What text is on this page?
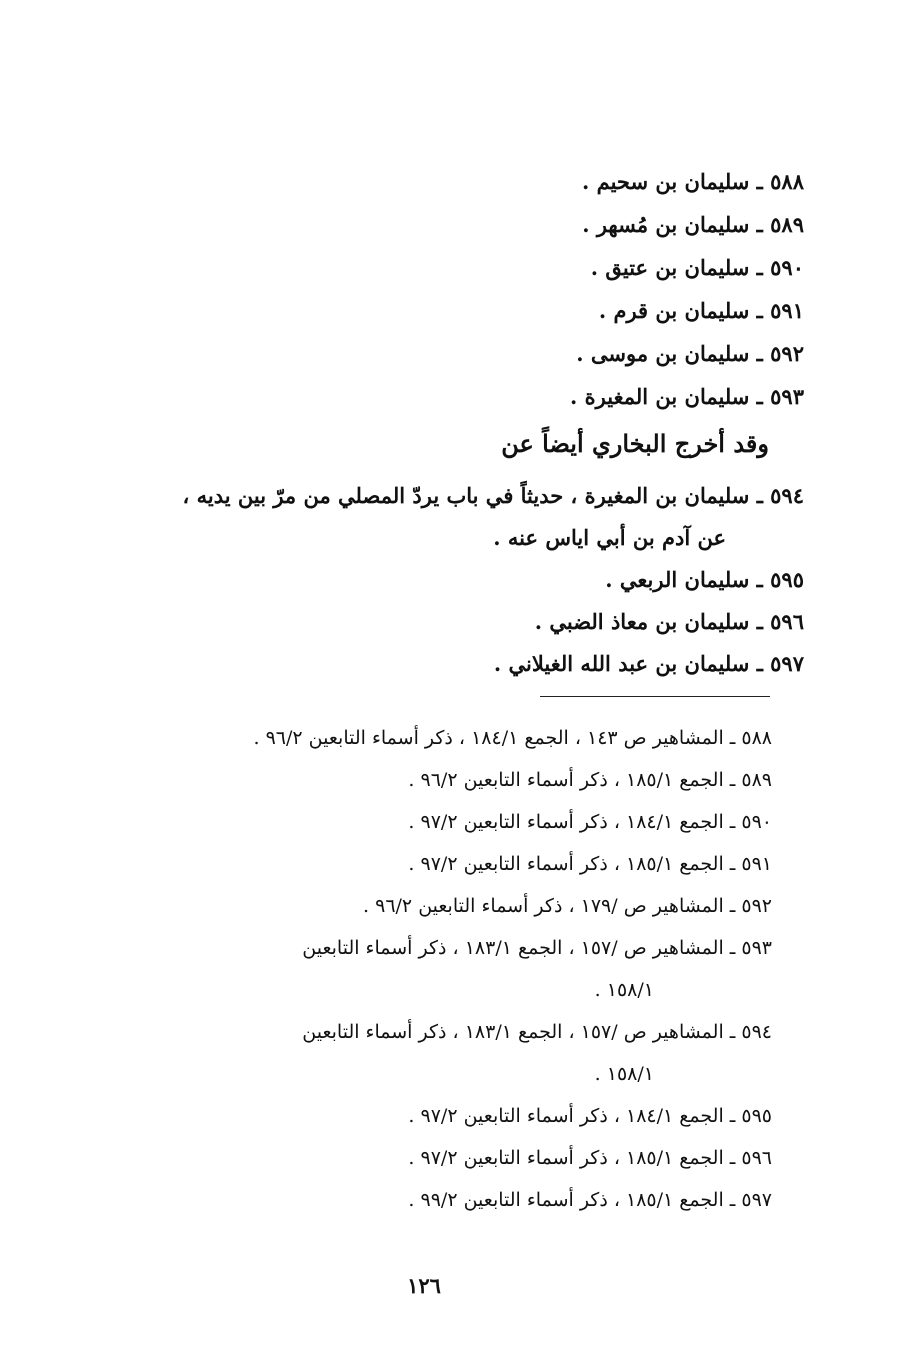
٥٨٨ ـ سليمان بن سحيم .
٥٨٩ ـ سليمان بن مُسهر .
٥٩٠ ـ سليمان بن عتيق .
٥٩١ ـ سليمان بن قرم .
٥٩٢ ـ سليمان بن موسى .
٥٩٣ ـ سليمان بن المغيرة .
وقد أخرج البخاري أيضاً عن
٥٩٤ ـ سليمان بن المغيرة ، حديثاً في باب يردّ المصلي من مرّ بين يديه ،
عن آدم بن أبي اياس عنه .
٥٩٥ ـ سليمان الربعي .
٥٩٦ ـ سليمان بن معاذ الضبي .
٥٩٧ ـ سليمان بن عبد الله الغيلاني .
٥٨٨ ـ المشاهير ص ١٤٣ ، الجمع ١٨٤/١ ، ذكر أسماء التابعين ٩٦/٢ .
٥٨٩ ـ الجمع ١٨٥/١ ، ذكر أسماء التابعين ٩٦/٢ .
٥٩٠ ـ الجمع ١٨٤/١ ، ذكر أسماء التابعين ٩٧/٢ .
٥٩١ ـ الجمع ١٨٥/١ ، ذكر أسماء التابعين ٩٧/٢ .
٥٩٢ ـ المشاهير ص /١٧٩ ، ذكر أسماء التابعين ٩٦/٢ .
٥٩٣ ـ المشاهير ص /١٥٧ ، الجمع ١٨٣/١ ، ذكر أسماء التابعين
١٥٨/١ .
٥٩٤ ـ المشاهير ص /١٥٧ ، الجمع ١٨٣/١ ، ذكر أسماء التابعين
١٥٨/١ .
٥٩٥ ـ الجمع ١٨٤/١ ، ذكر أسماء التابعين ٩٧/٢ .
٥٩٦ ـ الجمع ١٨٥/١ ، ذكر أسماء التابعين ٩٧/٢ .
٥٩٧ ـ الجمع ١٨٥/١ ، ذكر أسماء التابعين ٩٩/٢ .
١٢٦
